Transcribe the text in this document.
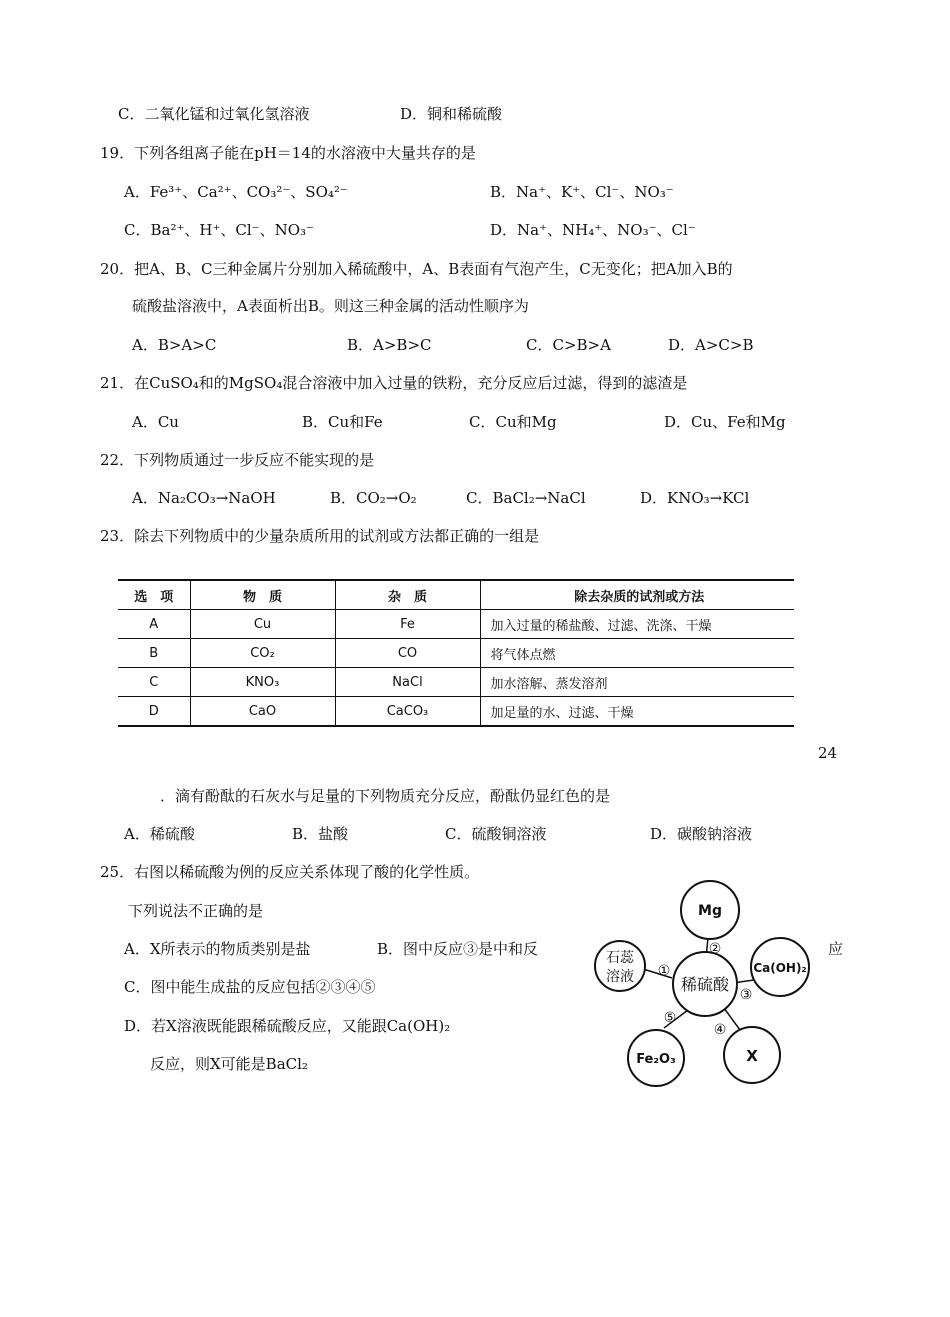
C．二氧化锰和过氧化氢溶液	D．铜和稀硫酸
19．下列各组离子能在pH＝14的水溶液中大量共存的是
A．Fe³⁺、Ca²⁺、CO₃²⁻、SO₄²⁻	B．Na⁺、K⁺、Cl⁻、NO₃⁻
C．Ba²⁺、H⁺、Cl⁻、NO₃⁻	D．Na⁺、NH₄⁺、NO₃⁻、Cl⁻
20．把A、B、C三种金属片分别加入稀硫酸中，A、B表面有气泡产生，C无变化；把A加入B的
硫酸盐溶液中，A表面析出B。则这三种金属的活动性顺序为
A．B>A>C	B．A>B>C	C．C>B>A	D．A>C>B
21．在CuSO₄和的MgSO₄混合溶液中加入过量的铁粉，充分反应后过滤，得到的滤渣是
A．Cu	B．Cu和Fe	C．Cu和Mg	D．Cu、Fe和Mg
22．下列物质通过一步反应不能实现的是
A．Na₂CO₃→NaOH	B．CO₂→O₂	C．BaCl₂→NaCl	D．KNO₃→KCl
23．除去下列物质中的少量杂质所用的试剂或方法都正确的一组是
选　项	物　质	杂　质	除去杂质的试剂或方法
A	Cu	Fe	加入过量的稀盐酸、过滤、洗涤、干燥
B	CO₂	CO	将气体点燃
C	KNO₃	NaCl	加水溶解、蒸发溶剂
D	CaO	CaCO₃	加足量的水、过滤、干燥
24
．滴有酚酞的石灰水与足量的下列物质充分反应，酚酞仍显红色的是
A．稀硫酸	B．盐酸	C．硫酸铜溶液	D．碳酸钠溶液
25．右图以稀硫酸为例的反应关系体现了酸的化学性质。
下列说法不正确的是
A．X所表示的物质类别是盐	B．图中反应③是中和反	应
C．图中能生成盐的反应包括②③④⑤
D．若X溶液既能跟稀硫酸反应，又能跟Ca(OH)₂
反应，则X可能是BaCl₂
Mg
石蕊
溶液	稀硫酸
Ca(OH)₂
Fe₂O₃	X
①
②
③
④
⑤
